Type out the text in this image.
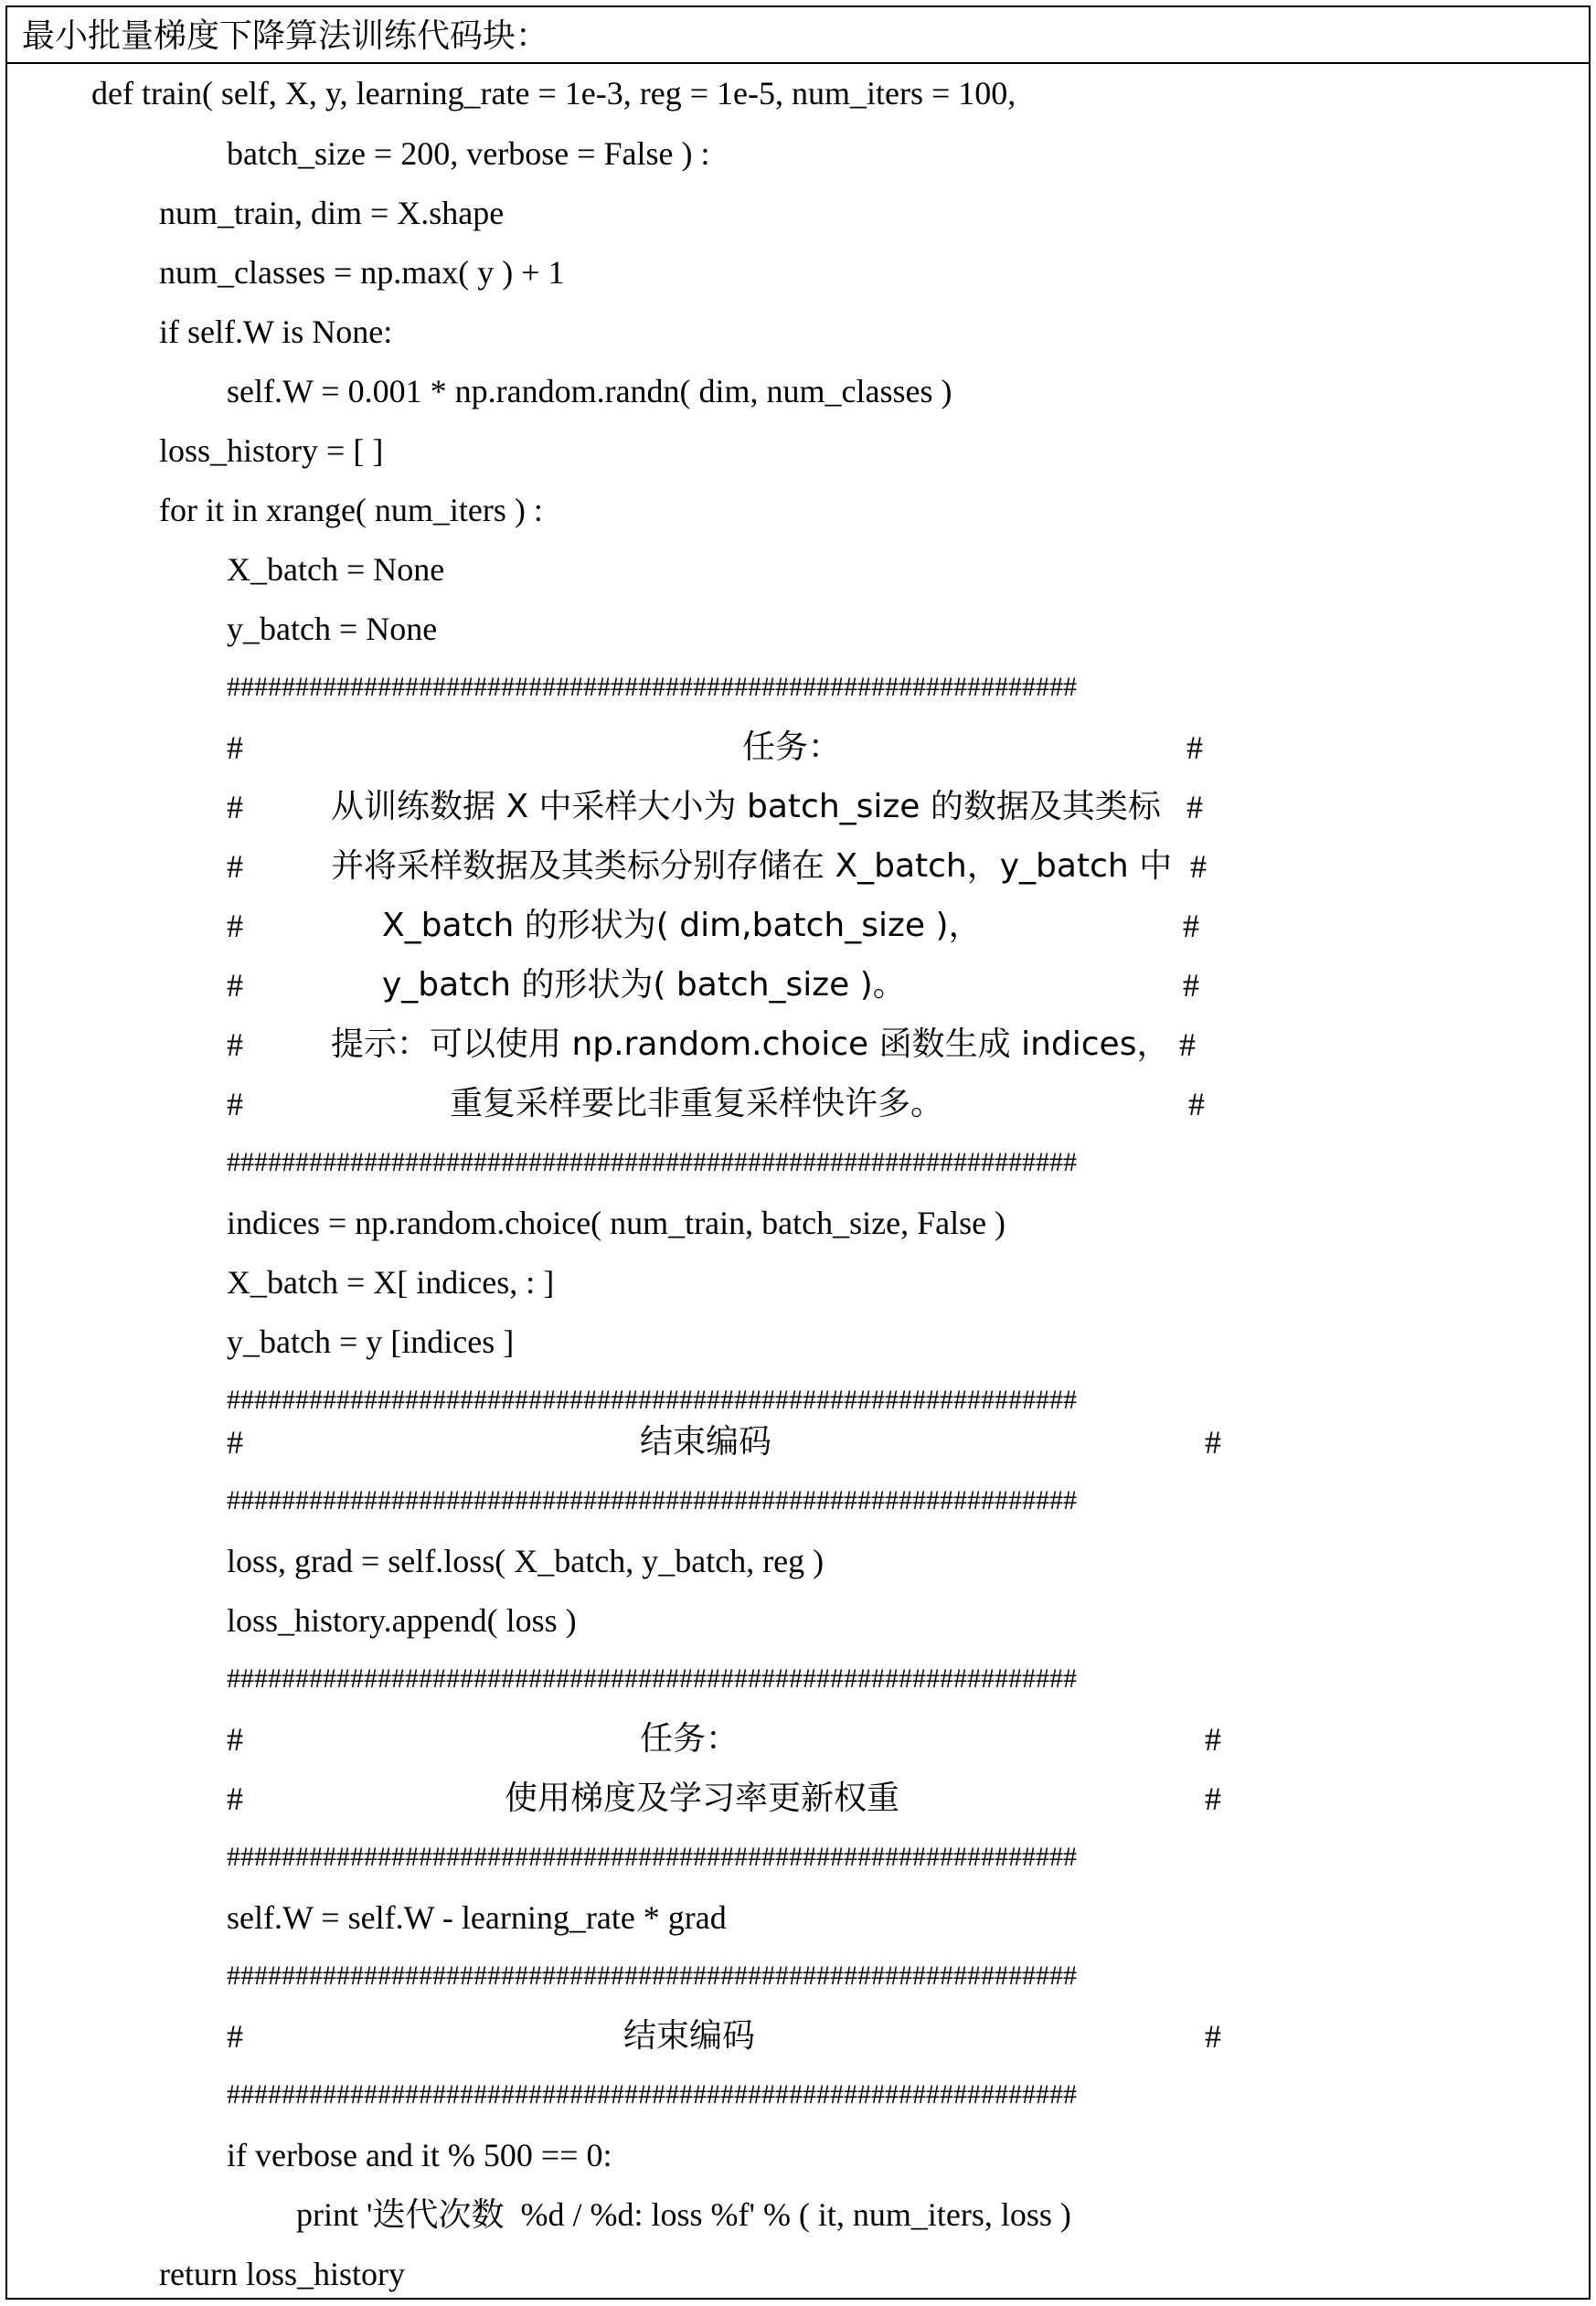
最小批量梯度下降算法训练代码块：
def train( self, X, y, learning_rate = 1e-3, reg = 1e-5, num_iters = 100,
batch_size = 200, verbose = False ) :
num_train, dim = X.shape
num_classes = np.max( y ) + 1
if self.W is None:
self.W = 0.001 * np.random.randn( dim, num_classes )
loss_history = [ ]
for it in xrange( num_iters ) :
X_batch = None
y_batch = None
##############################################################
#	任务：	#
#	从训练数据 X 中采样大小为 batch_size 的数据及其类标 #
#	并将采样数据及其类标分别存储在 X_batch，y_batch 中 #
#	X_batch 的形状为( dim,batch_size )，	#
#	y_batch 的形状为( batch_size )。	#
#	提示：可以使用 np.random.choice 函数生成 indices， #
#	重复采样要比非重复采样快许多。	#
##############################################################
indices = np.random.choice( num_train, batch_size, False )
X_batch = X[ indices, : ]
y_batch = y [indices ]
##############################################################
#	结束编码	#
##############################################################
loss, grad = self.loss( X_batch, y_batch, reg )
loss_history.append( loss )
##############################################################
#	任务：	#
#	使用梯度及学习率更新权重	#
##############################################################
self.W = self.W - learning_rate * grad
##############################################################
#	结束编码	#
##############################################################
if verbose and it % 500 == 0:
print '迭代次数  %d / %d: loss %f' % ( it, num_iters, loss )
return loss_history
